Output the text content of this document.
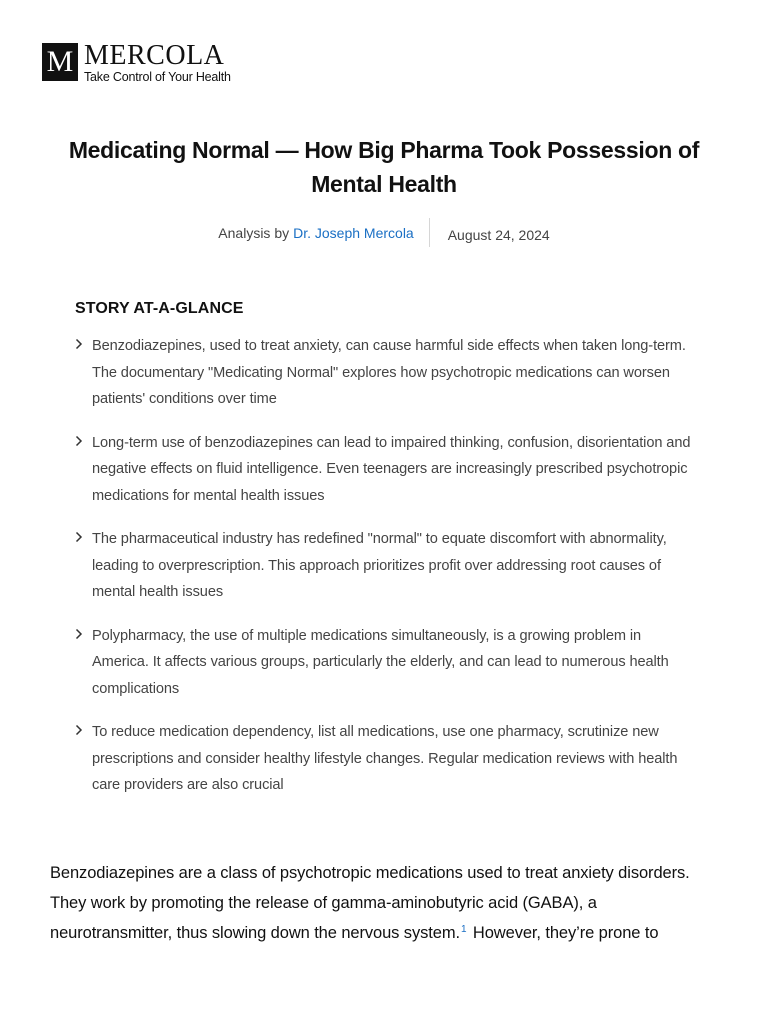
M MERCOLA
Take Control of Your Health
Medicating Normal — How Big Pharma Took Possession of Mental Health
Analysis by Dr. Joseph Mercola	August 24, 2024
STORY AT-A-GLANCE
Benzodiazepines, used to treat anxiety, can cause harmful side effects when taken long-term. The documentary "Medicating Normal" explores how psychotropic medications can worsen patients' conditions over time
Long-term use of benzodiazepines can lead to impaired thinking, confusion, disorientation and negative effects on fluid intelligence. Even teenagers are increasingly prescribed psychotropic medications for mental health issues
The pharmaceutical industry has redefined "normal" to equate discomfort with abnormality, leading to overprescription. This approach prioritizes profit over addressing root causes of mental health issues
Polypharmacy, the use of multiple medications simultaneously, is a growing problem in America. It affects various groups, particularly the elderly, and can lead to numerous health complications
To reduce medication dependency, list all medications, use one pharmacy, scrutinize new prescriptions and consider healthy lifestyle changes. Regular medication reviews with health care providers are also crucial

Benzodiazepines are a class of psychotropic medications used to treat anxiety disorders. They work by promoting the release of gamma-aminobutyric acid (GABA), a neurotransmitter, thus slowing down the nervous system.$^1$ However, they’re prone to
